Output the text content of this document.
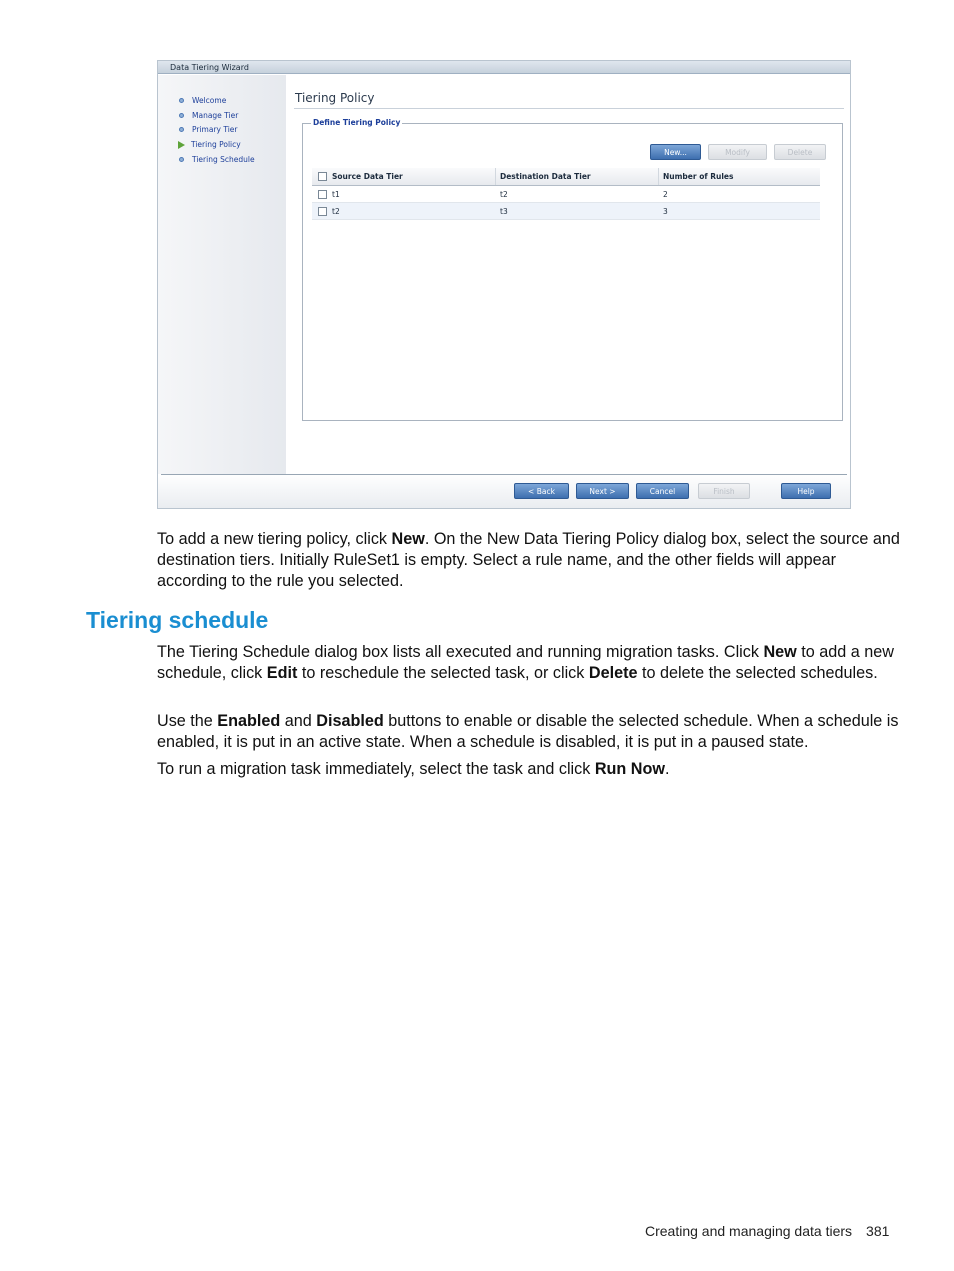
Data Tiering Wizard
Welcome
Manage Tier
Primary Tier
Tiering Policy
Tiering Schedule
Tiering Policy
Define Tiering Policy
New...	Modify	Delete
Source Data Tier	Destination Data Tier	Number of Rules
t1	t2	2
t2	t3	3
< Back	Next >	Cancel	Finish	Help

To add a new tiering policy, click New. On the New Data Tiering Policy dialog box, select the source and destination tiers. Initially RuleSet1 is empty. Select a rule name, and the other fields will appear according to the rule you selected.

Tiering schedule

The Tiering Schedule dialog box lists all executed and running migration tasks. Click New to add a new schedule, click Edit to reschedule the selected task, or click Delete to delete the selected schedules.

Use the Enabled and Disabled buttons to enable or disable the selected schedule. When a schedule is enabled, it is put in an active state. When a schedule is disabled, it is put in a paused state.

To run a migration task immediately, select the task and click Run Now.

Creating and managing data tiers 381
